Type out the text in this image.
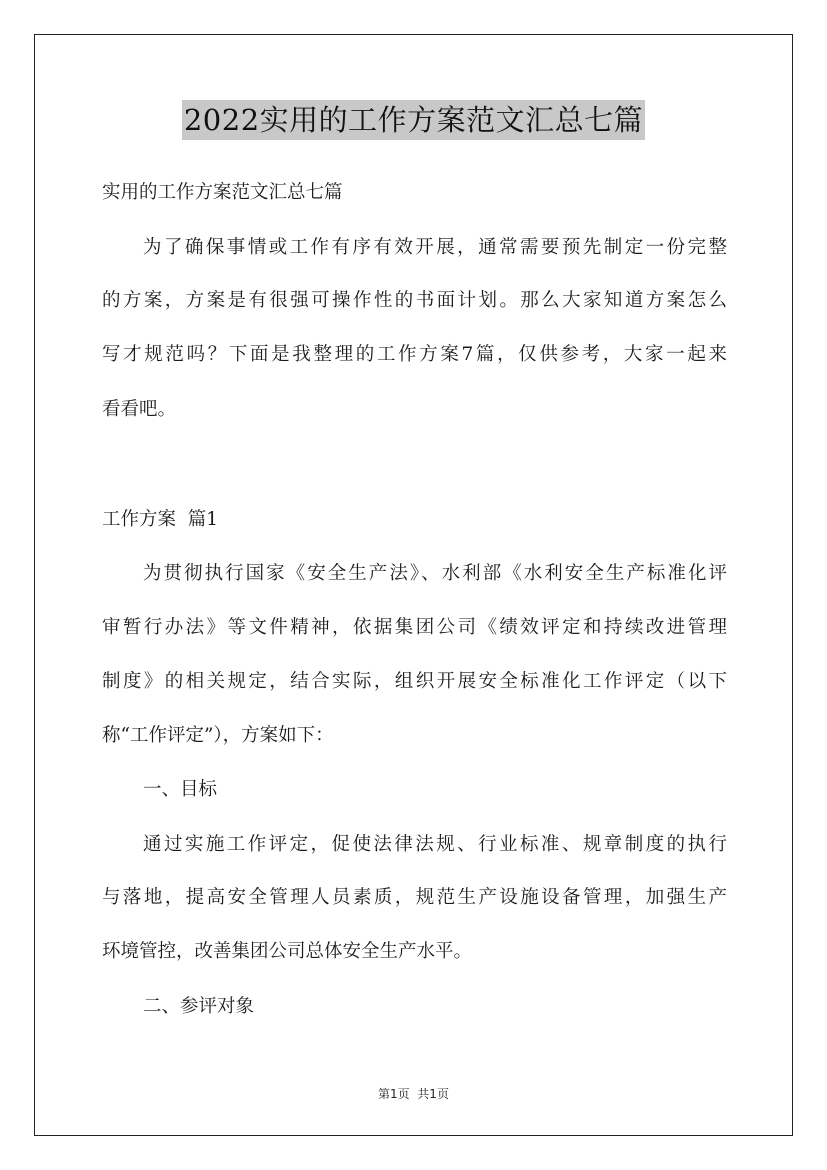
2022实用的工作方案范文汇总七篇
实用的工作方案范文汇总七篇
为了确保事情或工作有序有效开展，通常需要预先制定一份完整
的方案，方案是有很强可操作性的书面计划。那么大家知道方案怎么
写才规范吗？下面是我整理的工作方案7篇，仅供参考，大家一起来
看看吧。
工作方案  篇1
为贯彻执行国家《安全生产法》、水利部《水利安全生产标准化评
审暂行办法》等文件精神，依据集团公司《绩效评定和持续改进管理
制度》的相关规定，结合实际，组织开展安全标准化工作评定（以下
称“工作评定”），方案如下：
一、目标
通过实施工作评定，促使法律法规、行业标准、规章制度的执行
与落地，提高安全管理人员素质，规范生产设施设备管理，加强生产
环境管控，改善集团公司总体安全生产水平。
二、参评对象
第1页  共1页
